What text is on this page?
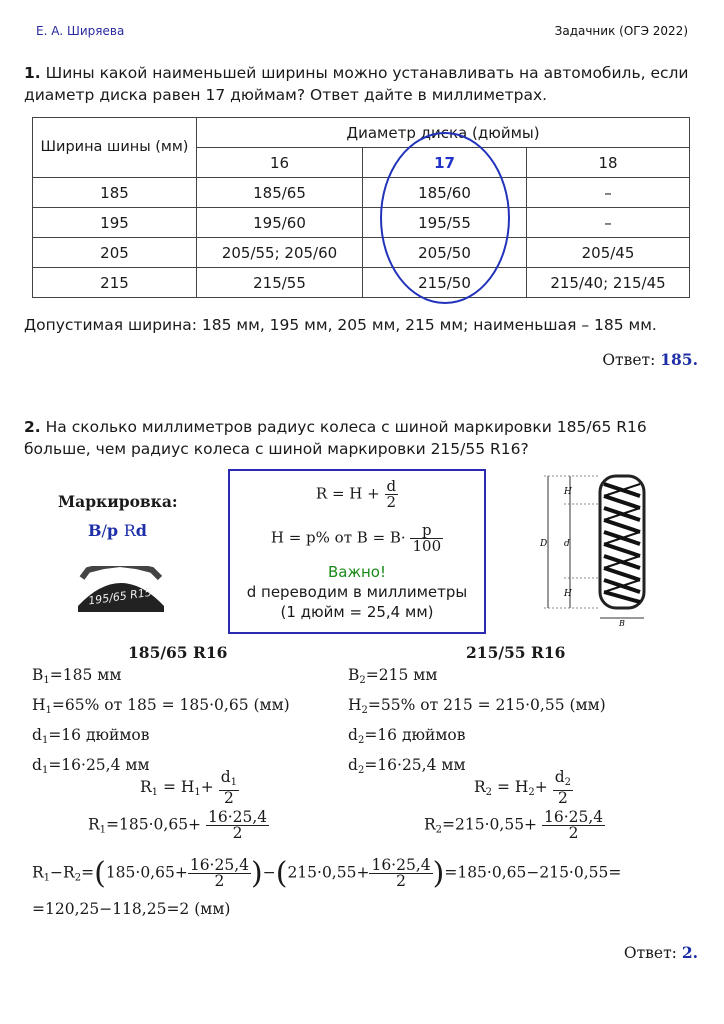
Е. А. Ширяева	Задачник (ОГЭ 2022)
1. Шины какой наименьшей ширины можно устанавливать на автомобиль, если диаметр диска равен 17 дюймам? Ответ дайте в миллиметрах.
Ширина шины (мм)	Диаметр диска (дюймы)		
	16	17	18
185	185/65	185/60	–
195	195/60	195/55	–
205	205/55; 205/60	205/50	205/45
215	215/55	215/50	215/40; 215/45
Допустимая ширина: 185 мм, 195 мм, 205 мм, 215 мм; наименьшая – 185 мм.
Ответ: 185.
2. На сколько миллиметров радиус колеса с шиной маркировки 185/65 R16 больше, чем радиус колеса с шиной маркировки 215/55 R16?
Маркировка:
B/p Rd
195/65 R15
$R = H + \frac{d}{2}$
H = p% от $B = B\cdot \frac{p}{100}$
Важно!
d переводим в миллиметры
(1 дюйм = 25,4 мм)
D
H
d
H
B
185/65 R16
$B_1=185$ мм
$H_1=65\%$ от 185 = 185·0,65 (мм)
$d_1=16$ дюймов
$d_1=16\cdot 25,4$ мм
$R_1 = H_1+ \frac{d_1}{2}$
$R_1=185\cdot 0,65+ \frac{16\cdot 25,4}{2}$
215/55 R16
$B_2=215$ мм
$H_2=55\%$ от 215 = 215·0,55 (мм)
$d_2=16$ дюймов
$d_2=16\cdot 25,4$ мм
$R_2 = H_2+ \frac{d_2}{2}$
$R_2=215\cdot 0,55+ \frac{16\cdot 25,4}{2}$
$R_1-R_2=(185\cdot 0,65+ \frac{16\cdot 25,4}{2} )-(215\cdot 0,55+ \frac{16\cdot 25,4}{2} )=185\cdot 0,65-215\cdot 0,55=$
=120,25−118,25=2 (мм)
Ответ: 2.
